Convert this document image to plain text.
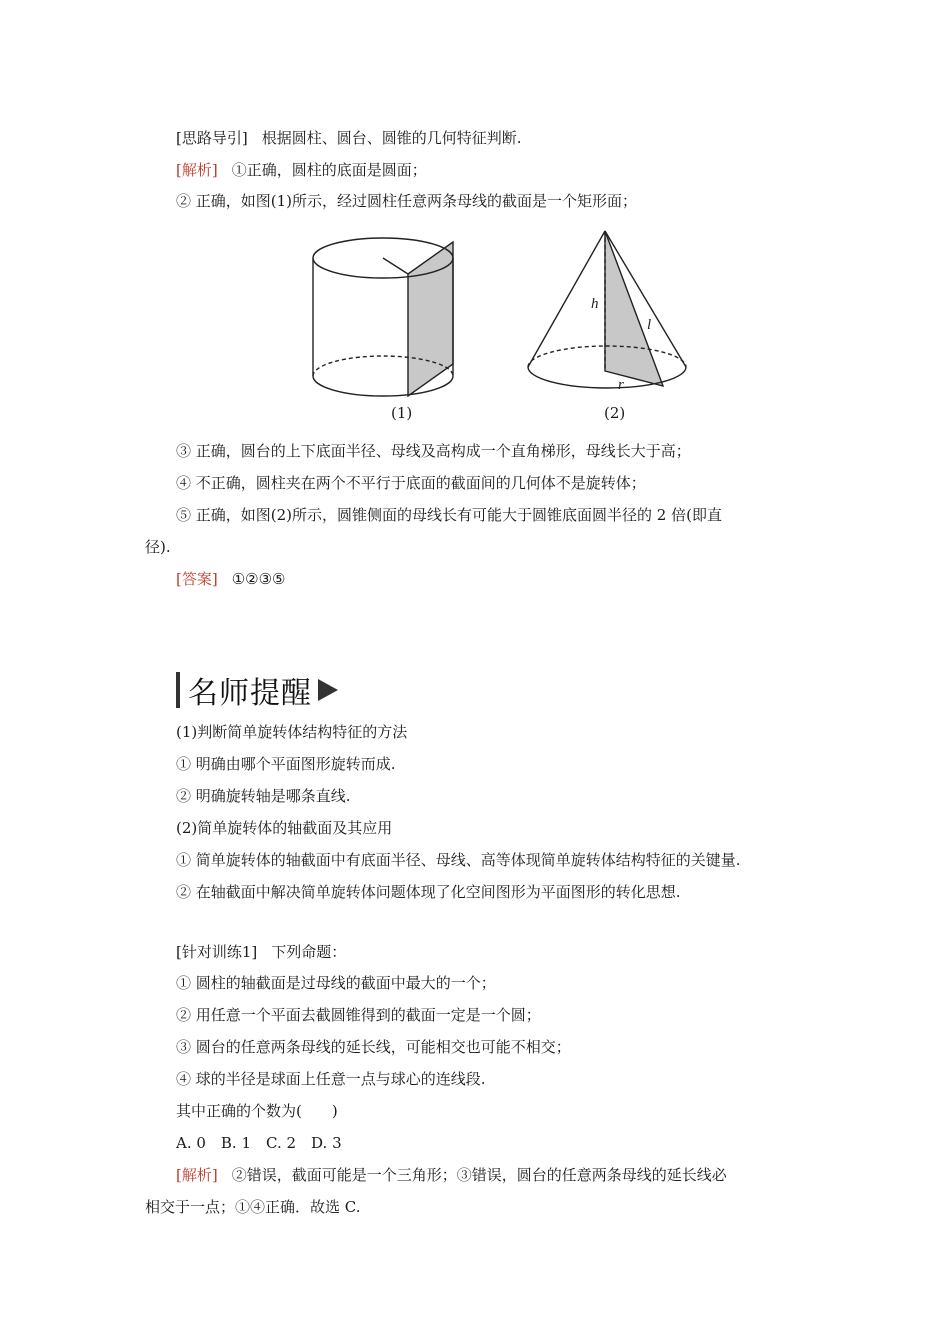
[思路导引] 根据圆柱、圆台、圆锥的几何特征判断.
[解析] ①正确，圆柱的底面是圆面；
② 正确，如图(1)所示，经过圆柱任意两条母线的截面是一个矩形面；
h
l
r
(1)	(2)
③ 正确，圆台的上下底面半径、母线及高构成一个直角梯形，母线长大于高；
④ 不正确，圆柱夹在两个不平行于底面的截面间的几何体不是旋转体；
⑤ 正确，如图(2)所示，圆锥侧面的母线长有可能大于圆锥底面圆半径的 2 倍(即直
径).
[答案] ①②③⑤
名师提醒
(1)判断简单旋转体结构特征的方法
① 明确由哪个平面图形旋转而成.
② 明确旋转轴是哪条直线.
(2)简单旋转体的轴截面及其应用
① 简单旋转体的轴截面中有底面半径、母线、高等体现简单旋转体结构特征的关键量.
② 在轴截面中解决简单旋转体问题体现了化空间图形为平面图形的转化思想.
[针对训练1] 下列命题：
① 圆柱的轴截面是过母线的截面中最大的一个；
② 用任意一个平面去截圆锥得到的截面一定是一个圆；
③ 圆台的任意两条母线的延长线，可能相交也可能不相交；
④ 球的半径是球面上任意一点与球心的连线段.
其中正确的个数为(　　)
A. 0　B. 1　C. 2　D. 3
[解析] ②错误，截面可能是一个三角形；③错误，圆台的任意两条母线的延长线必
相交于一点；①④正确．故选 C.
